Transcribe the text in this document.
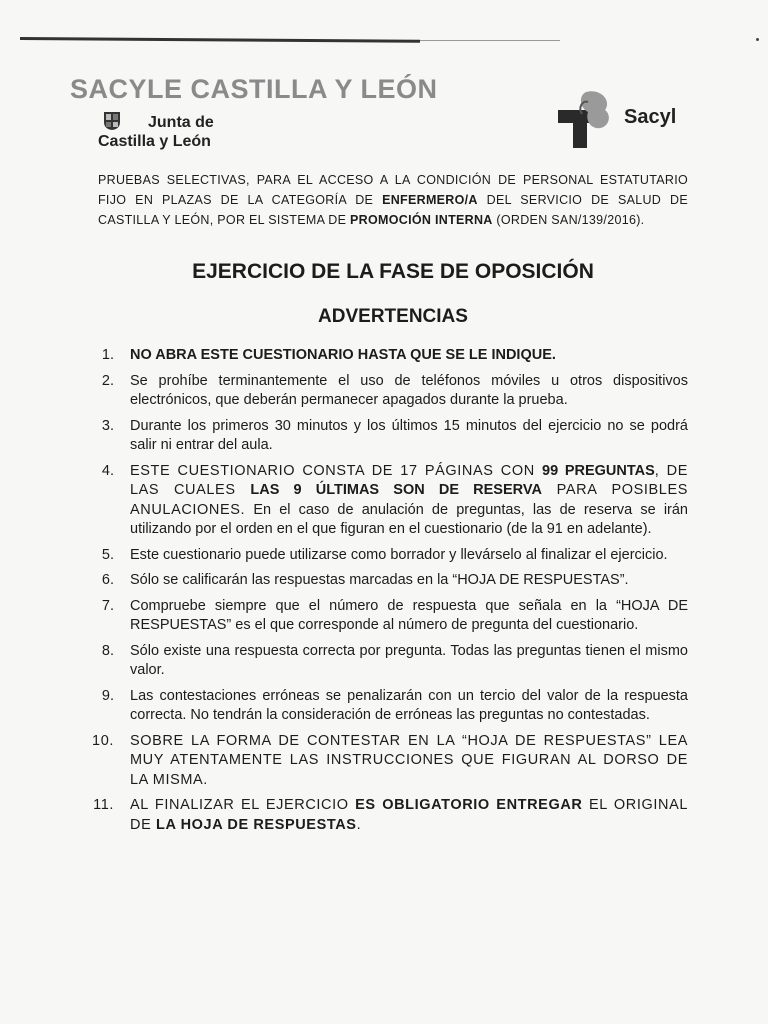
SACYLE CASTILLA Y LEÓN
Junta de
Castilla y León
Sacyl
PRUEBAS SELECTIVAS, PARA EL ACCESO A LA CONDICIÓN DE PERSONAL ESTATUTARIO FIJO EN PLAZAS DE LA CATEGORÍA DE ENFERMERO/A DEL SERVICIO DE SALUD DE CASTILLA Y LEÓN, POR EL SISTEMA DE PROMOCIÓN INTERNA (ORDEN SAN/139/2016).
EJERCICIO DE LA FASE DE OPOSICIÓN
ADVERTENCIAS
1. NO ABRA ESTE CUESTIONARIO HASTA QUE SE LE INDIQUE.
2. Se prohíbe terminantemente el uso de teléfonos móviles u otros dispositivos electrónicos, que deberán permanecer apagados durante la prueba.
3. Durante los primeros 30 minutos y los últimos 15 minutos del ejercicio no se podrá salir ni entrar del aula.
4. ESTE CUESTIONARIO CONSTA DE 17 PÁGINAS CON 99 PREGUNTAS, DE LAS CUALES LAS 9 ÚLTIMAS SON DE RESERVA PARA POSIBLES ANULACIONES. En el caso de anulación de preguntas, las de reserva se irán utilizando por el orden en el que figuran en el cuestionario (de la 91 en adelante).
5. Este cuestionario puede utilizarse como borrador y llevárselo al finalizar el ejercicio.
6. Sólo se calificarán las respuestas marcadas en la “HOJA DE RESPUESTAS”.
7. Compruebe siempre que el número de respuesta que señala en la “HOJA DE RESPUESTAS” es el que corresponde al número de pregunta del cuestionario.
8. Sólo existe una respuesta correcta por pregunta. Todas las preguntas tienen el mismo valor.
9. Las contestaciones erróneas se penalizarán con un tercio del valor de la respuesta correcta. No tendrán la consideración de erróneas las preguntas no contestadas.
10. SOBRE LA FORMA DE CONTESTAR EN LA “HOJA DE RESPUESTAS” LEA MUY ATENTAMENTE LAS INSTRUCCIONES QUE FIGURAN AL DORSO DE LA MISMA.
11. AL FINALIZAR EL EJERCICIO ES OBLIGATORIO ENTREGAR EL ORIGINAL DE LA HOJA DE RESPUESTAS.
